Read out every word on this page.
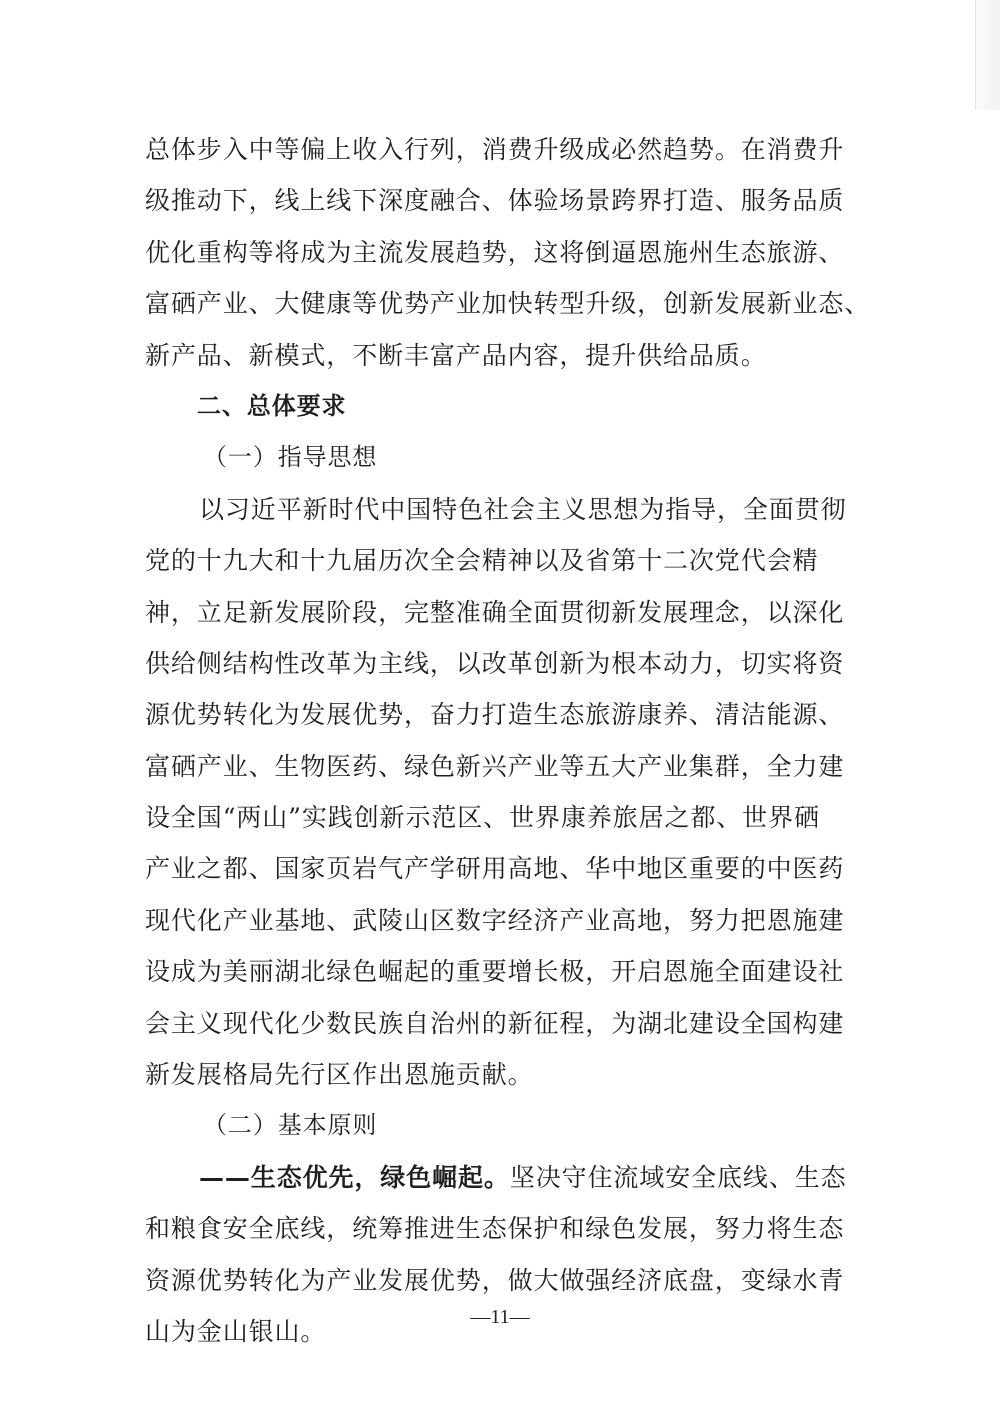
总体步入中等偏上收入行列，消费升级成必然趋势。在消费升
级推动下，线上线下深度融合、体验场景跨界打造、服务品质
优化重构等将成为主流发展趋势，这将倒逼恩施州生态旅游、
富硒产业、大健康等优势产业加快转型升级，创新发展新业态、
新产品、新模式，不断丰富产品内容，提升供给品质。
二、总体要求
（一）指导思想
以习近平新时代中国特色社会主义思想为指导，全面贯彻
党的十九大和十九届历次全会精神以及省第十二次党代会精
神，立足新发展阶段，完整准确全面贯彻新发展理念，以深化
供给侧结构性改革为主线，以改革创新为根本动力，切实将资
源优势转化为发展优势，奋力打造生态旅游康养、清洁能源、
富硒产业、生物医药、绿色新兴产业等五大产业集群，全力建
设全国“两山”实践创新示范区、世界康养旅居之都、世界硒
产业之都、国家页岩气产学研用高地、华中地区重要的中医药
现代化产业基地、武陵山区数字经济产业高地，努力把恩施建
设成为美丽湖北绿色崛起的重要增长极，开启恩施全面建设社
会主义现代化少数民族自治州的新征程，为湖北建设全国构建
新发展格局先行区作出恩施贡献。
（二）基本原则
——生态优先，绿色崛起。坚决守住流域安全底线、生态
和粮食安全底线，统筹推进生态保护和绿色发展，努力将生态
资源优势转化为产业发展优势，做大做强经济底盘，变绿水青
山为金山银山。	—11—
